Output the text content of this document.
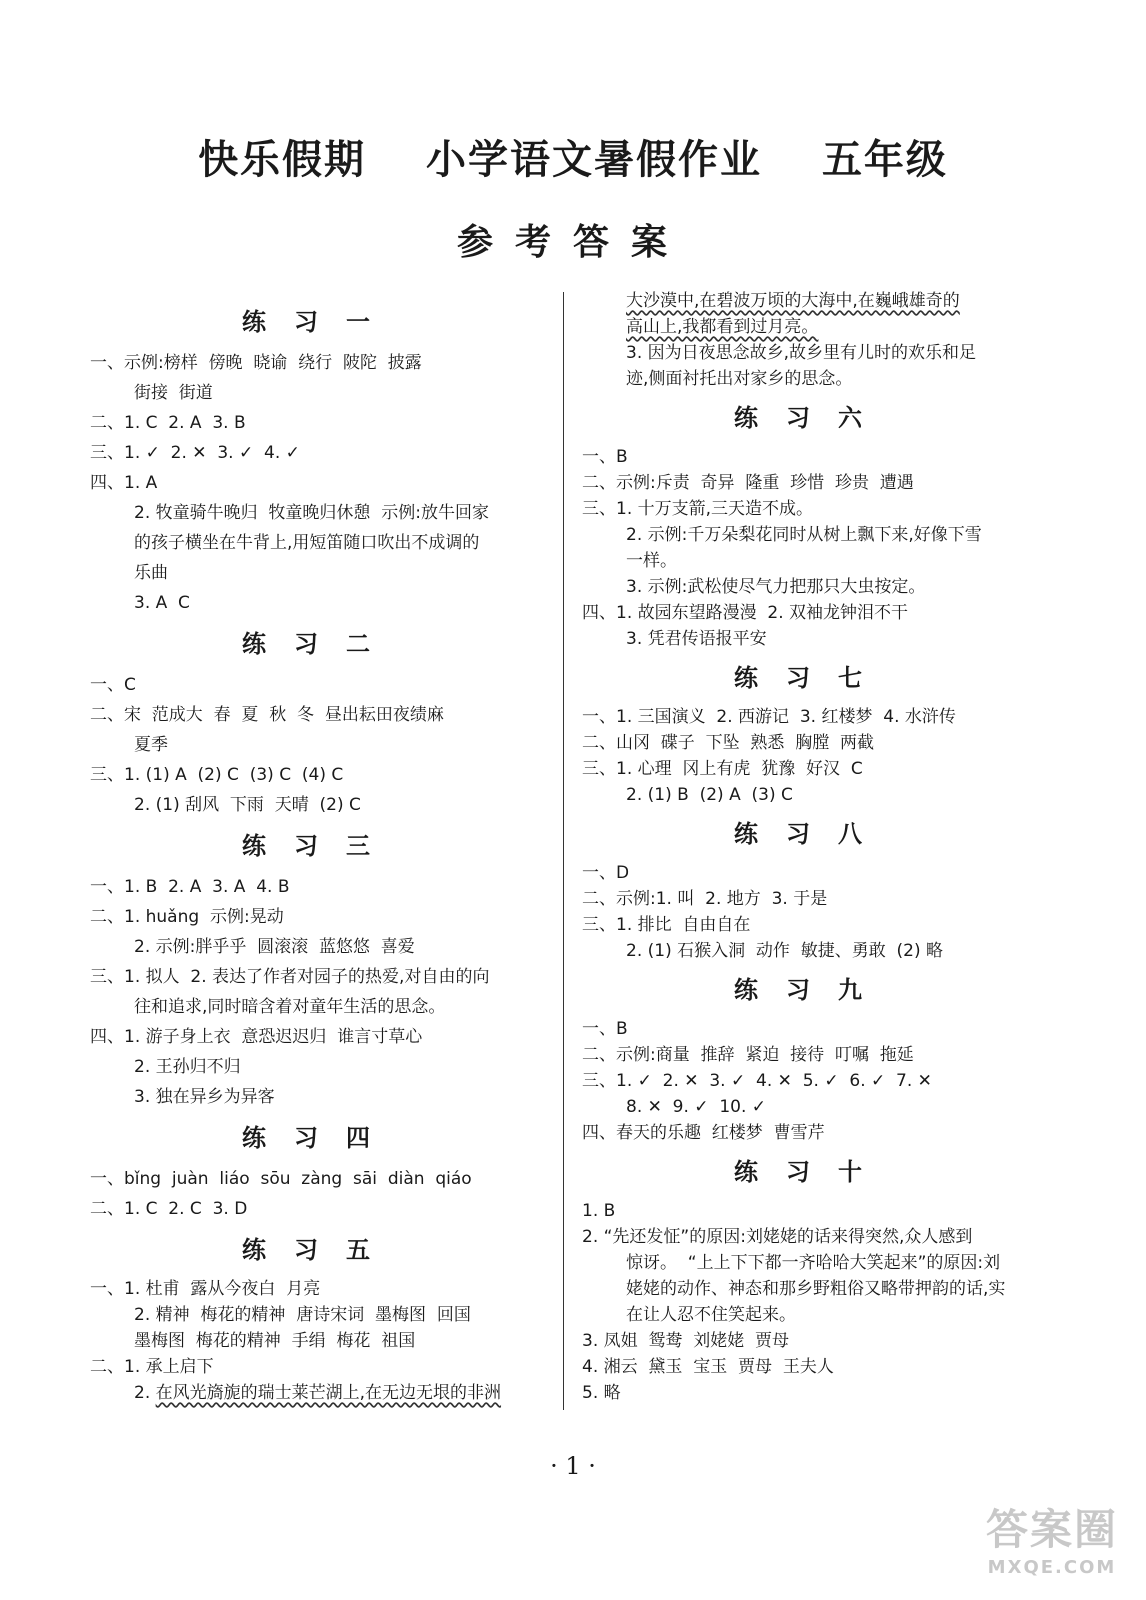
快乐假期 小学语文暑假作业 五年级
参考答案
练习一
一、示例:榜样  傍晚  晓谕  绕行  陂陀  披露
街接  街道
二、1. C  2. A  3. B
三、1. ✓  2. ✕  3. ✓  4. ✓
四、1. A
2. 牧童骑牛晚归  牧童晚归休憩  示例:放牛回家
的孩子横坐在牛背上,用短笛随口吹出不成调的
乐曲
3. A  C
练习二
一、C
二、宋  范成大  春  夏  秋  冬  昼出耘田夜绩麻
夏季
三、1. (1) A  (2) C  (3) C  (4) C
2. (1) 刮风  下雨  天晴  (2) C
练习三
一、1. B  2. A  3. A  4. B
二、1. huǎng  示例:晃动
2. 示例:胖乎乎  圆滚滚  蓝悠悠  喜爱
三、1. 拟人  2. 表达了作者对园子的热爱,对自由的向
往和追求,同时暗含着对童年生活的思念。
四、1. 游子身上衣  意恐迟迟归  谁言寸草心
2. 王孙归不归
3. 独在异乡为异客
练习四
一、bǐng  juàn  liáo  sōu  zàng  sāi  diàn  qiáo
二、1. C  2. C  3. D
练习五
一、1. 杜甫  露从今夜白  月亮
2. 精神  梅花的精神  唐诗宋词  墨梅图  回国
墨梅图  梅花的精神  手绢  梅花  祖国
二、1. 承上启下
2. 在风光旖旎的瑞士莱芒湖上,在无边无垠的非洲
大沙漠中,在碧波万顷的大海中,在巍峨雄奇的
高山上,我都看到过月亮。
3. 因为日夜思念故乡,故乡里有儿时的欢乐和足
迹,侧面衬托出对家乡的思念。
练习六
一、B
二、示例:斥责  奇异  隆重  珍惜  珍贵  遭遇
三、1. 十万支箭,三天造不成。
2. 示例:千万朵梨花同时从树上飘下来,好像下雪
一样。
3. 示例:武松使尽气力把那只大虫按定。
四、1. 故园东望路漫漫  2. 双袖龙钟泪不干
3. 凭君传语报平安
练习七
一、1. 三国演义  2. 西游记  3. 红楼梦  4. 水浒传
二、山冈  碟子  下坠  熟悉  胸膛  两截
三、1. 心理  冈上有虎  犹豫  好汉  C
2. (1) B  (2) A  (3) C
练习八
一、D
二、示例:1. 叫  2. 地方  3. 于是
三、1. 排比  自由自在
2. (1) 石猴入洞  动作  敏捷、勇敢  (2) 略
练习九
一、B
二、示例:商量  推辞  紧迫  接待  叮嘱  拖延
三、1. ✓  2. ✕  3. ✓  4. ✕  5. ✓  6. ✓  7. ✕
8. ✕  9. ✓  10. ✓
四、春天的乐趣  红楼梦  曹雪芹
练习十
1. B
2. “先还发怔”的原因:刘姥姥的话来得突然,众人感到
惊讶。  “上上下下都一齐哈哈大笑起来”的原因:刘
姥姥的动作、神态和那乡野粗俗又略带押韵的话,实
在让人忍不住笑起来。
3. 凤姐  鸳鸯  刘姥姥  贾母
4. 湘云  黛玉  宝玉  贾母  王夫人
5. 略
· 1 ·
答案圈
MXQE.COM
